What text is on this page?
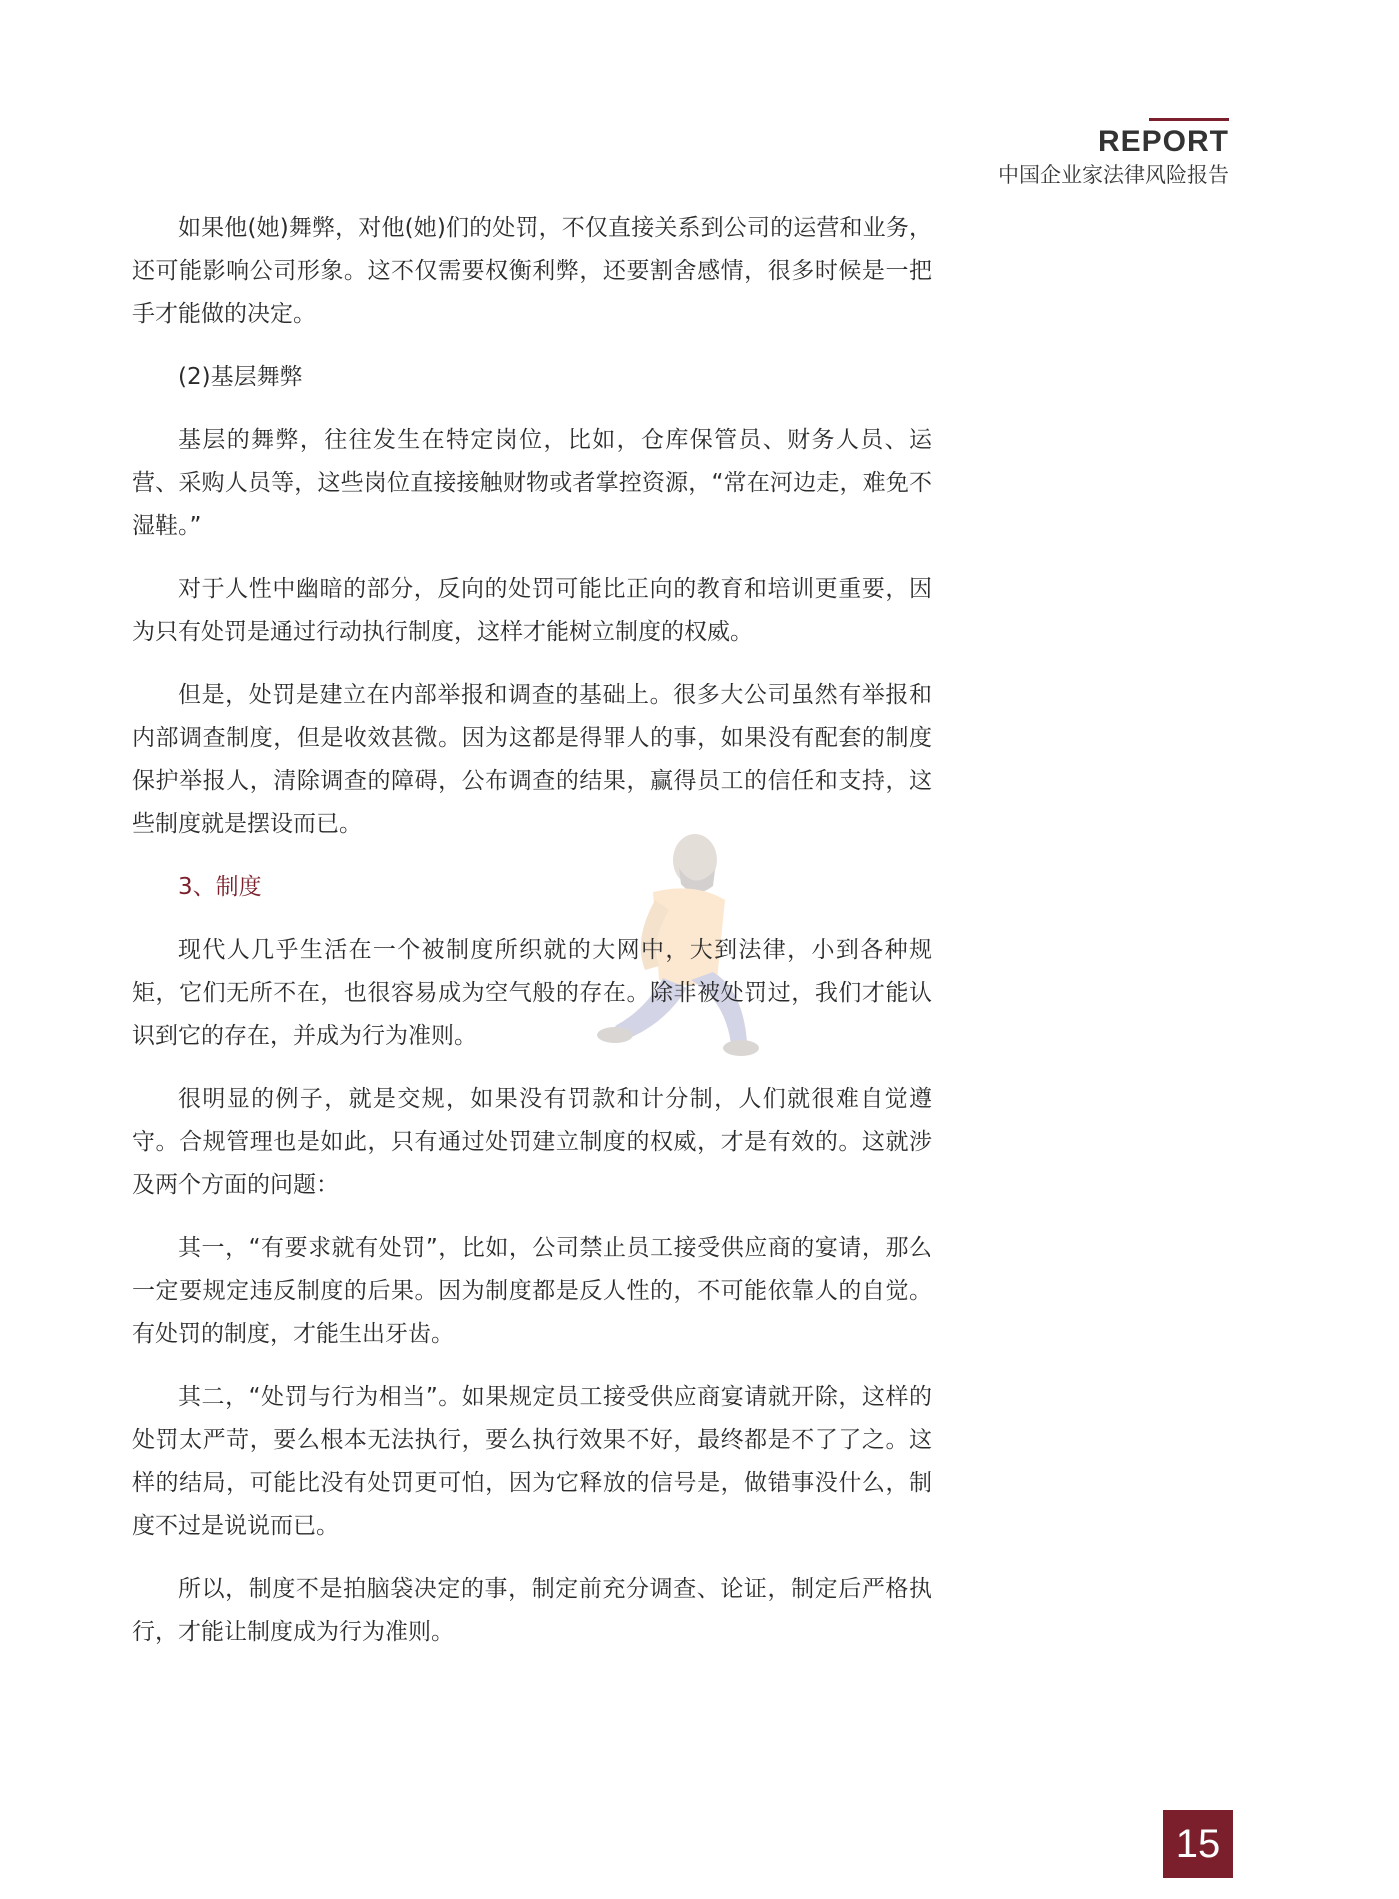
REPORT
中国企业家法律风险报告

如果他(她)舞弊，对他(她)们的处罚，不仅直接关系到公司的运营和业务，还可能影响公司形象。这不仅需要权衡利弊，还要割舍感情，很多时候是一把手才能做的决定。

(2)基层舞弊

基层的舞弊，往往发生在特定岗位，比如，仓库保管员、财务人员、运营、采购人员等，这些岗位直接接触财物或者掌控资源，“常在河边走，难免不湿鞋。”

对于人性中幽暗的部分，反向的处罚可能比正向的教育和培训更重要，因为只有处罚是通过行动执行制度，这样才能树立制度的权威。

但是，处罚是建立在内部举报和调查的基础上。很多大公司虽然有举报和内部调查制度，但是收效甚微。因为这都是得罪人的事，如果没有配套的制度保护举报人，清除调查的障碍，公布调查的结果，赢得员工的信任和支持，这些制度就是摆设而已。

3、制度

现代人几乎生活在一个被制度所织就的大网中，大到法律，小到各种规矩，它们无所不在，也很容易成为空气般的存在。除非被处罚过，我们才能认识到它的存在，并成为行为准则。

很明显的例子，就是交规，如果没有罚款和计分制，人们就很难自觉遵守。合规管理也是如此，只有通过处罚建立制度的权威，才是有效的。这就涉及两个方面的问题：

其一，“有要求就有处罚”，比如，公司禁止员工接受供应商的宴请，那么一定要规定违反制度的后果。因为制度都是反人性的，不可能依靠人的自觉。有处罚的制度，才能生出牙齿。

其二，“处罚与行为相当”。如果规定员工接受供应商宴请就开除，这样的处罚太严苛，要么根本无法执行，要么执行效果不好，最终都是不了了之。这样的结局，可能比没有处罚更可怕，因为它释放的信号是，做错事没什么，制度不过是说说而已。

所以，制度不是拍脑袋决定的事，制定前充分调查、论证，制定后严格执行，才能让制度成为行为准则。

15
